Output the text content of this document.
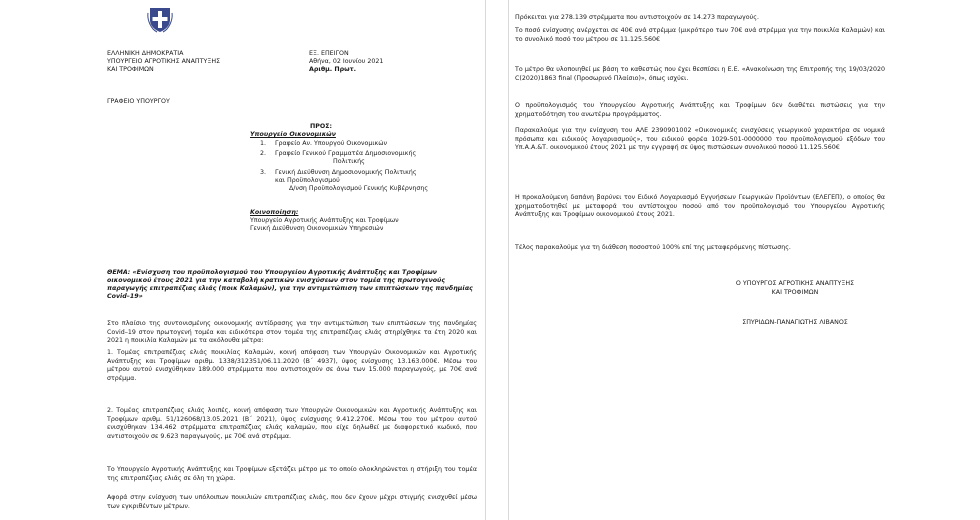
ΕΛΛΗΝΙΚΗ ΔΗΜΟΚΡΑΤΙΑ
ΥΠΟΥΡΓΕΙΟ ΑΓΡΟΤΙΚΗΣ ΑΝΑΠΤΥΞΗΣ
ΚΑΙ ΤΡΟΦΙΜΩΝ
ΕΞ. ΕΠΕΙΓΟΝ
Αθήνα, 02 Ιουνίου 2021
Αριθμ. Πρωτ.
ΓΡΑΦΕΙΟ ΥΠΟΥΡΓΟΥ
ΠΡΟΣ:
Υπουργείο Οικονομικών
1. Γραφείο Αν. Υπουργού Οικονομικών
2. Γραφείο Γενικού Γραμματέα Δημοσιονομικής
Πολιτικής
3. Γενική Διεύθυνση Δημοσιονομικής Πολιτικής
και Προϋπολογισμού
Δ/νση Προϋπολογισμού Γενικής Κυβέρνησης
Κοινοποίηση:
Υπουργείο Αγροτικής Ανάπτυξης και Τροφίμων
Γενική Διεύθυνση Οικονομικών Υπηρεσιών
ΘΕΜΑ: «Ενίσχυση του προϋπολογισμού του Υπουργείου Αγροτικής Ανάπτυξης και Τροφίμων
οικονομικού έτους 2021 για την καταβολή κρατικών ενισχύσεων στον τομέα της πρωτογενούς
παραγωγής επιτραπέζιας ελιάς (ποικ Καλαμών), για την αντιμετώπιση των επιπτώσεων της πανδημίας
Covid–19»
Στο πλαίσιο της συντονισμένης οικονομικής αντίδρασης για την αντιμετώπιση των επιπτώσεων της πανδημίας Covid–19 στον πρωτογενή τομέα και ειδικότερα στον τομέα της επιτραπέζιας ελιάς στηρίχθηκε τα έτη 2020 και 2021 η ποικιλία Καλαμών με τα ακόλουθα μέτρα:
1. Τομέας επιτραπέζιας ελιάς ποικιλίας Καλαμών, κοινή απόφαση των Υπουργών Οικονομικών και Αγροτικής Ανάπτυξης και Τροφίμων αριθμ. 1338/312351/06.11.2020 (Β΄ 4937), ύψος ενίσχυσης 13.163.000€. Μέσω του μέτρου αυτού ενισχύθηκαν 189.000 στρέμματα που αντιστοιχούν σε άνω των 15.000 παραγωγούς, με 70€ ανά στρέμμα.
2. Τομέας επιτραπέζιας ελιάς λοιπές, κοινή απόφαση των Υπουργών Οικονομικών και Αγροτικής Ανάπτυξης και Τροφίμων αριθμ. 51/126068/13.05.2021 (Β΄ 2021), ύψος ενίσχυσης 9.412.270€. Μέσω του του μέτρου αυτού ενισχύθηκαν 134.462 στρέμματα επιτραπέζιας ελιάς καλαμών, που είχε δηλωθεί με διαφορετικό κωδικό, που αντιστοιχούν σε 9.623 παραγωγούς, με 70€ ανά στρέμμα.
Το Υπουργείο Αγροτικής Ανάπτυξης και Τροφίμων εξετάζει μέτρο με το οποίο ολοκληρώνεται η στήριξη του τομέα της επιτραπέζιας ελιάς σε όλη τη χώρα.
Αφορά στην ενίσχυση των υπόλοιπων ποικιλιών επιτραπέζιας ελιάς, που δεν έχουν μέχρι στιγμής ενισχυθεί μέσω των εγκριθέντων μέτρων.
Πρόκειται για 278.139 στρέμματα που αντιστοιχούν σε 14.273 παραγωγούς.
Το ποσό ενίσχυσης ανέρχεται σε 40€ ανά στρέμμα (μικρότερο των 70€ ανά στρέμμα για την ποικιλία Καλαμών) και το συνολικό ποσό του μέτρου σε 11.125.560€
Το μέτρο θα υλοποιηθεί με βάση το καθεστώς που έχει θεσπίσει η Ε.Ε. «Ανακοίνωση της Επιτροπής της 19/03/2020 C(2020)1863 final (Προσωρινό Πλαίσιο)», όπως ισχύει.
Ο προϋπολογισμός του Υπουργείου Αγροτικής Ανάπτυξης και Τροφίμων δεν διαθέτει πιστώσεις για την χρηματοδότηση του ανωτέρω προγράμματος.
Παρακαλούμε για την ενίσχυση του ΑΛΕ 2390901002 «Οικονομικές ενισχύσεις γεωργικού χαρακτήρα σε νομικά πρόσωπα και ειδικούς λογαριασμούς», του ειδικού φορέα 1029-501-0000000 του προϋπολογισμού εξόδων του Υπ.Α.Α.&Τ. οικονομικού έτους 2021 με την εγγραφή σε ύψος πιστώσεων συνολικού ποσού 11.125.560€
Η προκαλούμενη δαπάνη βαρύνει τον Ειδικό Λογαριασμό Εγγυήσεων Γεωργικών Προϊόντων (ΕΛΕΓΕΠ), ο οποίος θα χρηματοδοτηθεί με μεταφορά του αντίστοιχου ποσού από τον προϋπολογισμό του Υπουργείου Αγροτικής Ανάπτυξης και Τροφίμων οικονομικού έτους 2021.
Τέλος παρακαλούμε για τη διάθεση ποσοστού 100% επί της μεταφερόμενης πίστωσης.
Ο ΥΠΟΥΡΓΟΣ ΑΓΡΟΤΙΚΗΣ ΑΝΑΠΤΥΞΗΣ
ΚΑΙ ΤΡΟΦΙΜΩΝ
ΣΠΥΡΙΔΩΝ-ΠΑΝΑΓΙΩΤΗΣ ΛΙΒΑΝΟΣ
